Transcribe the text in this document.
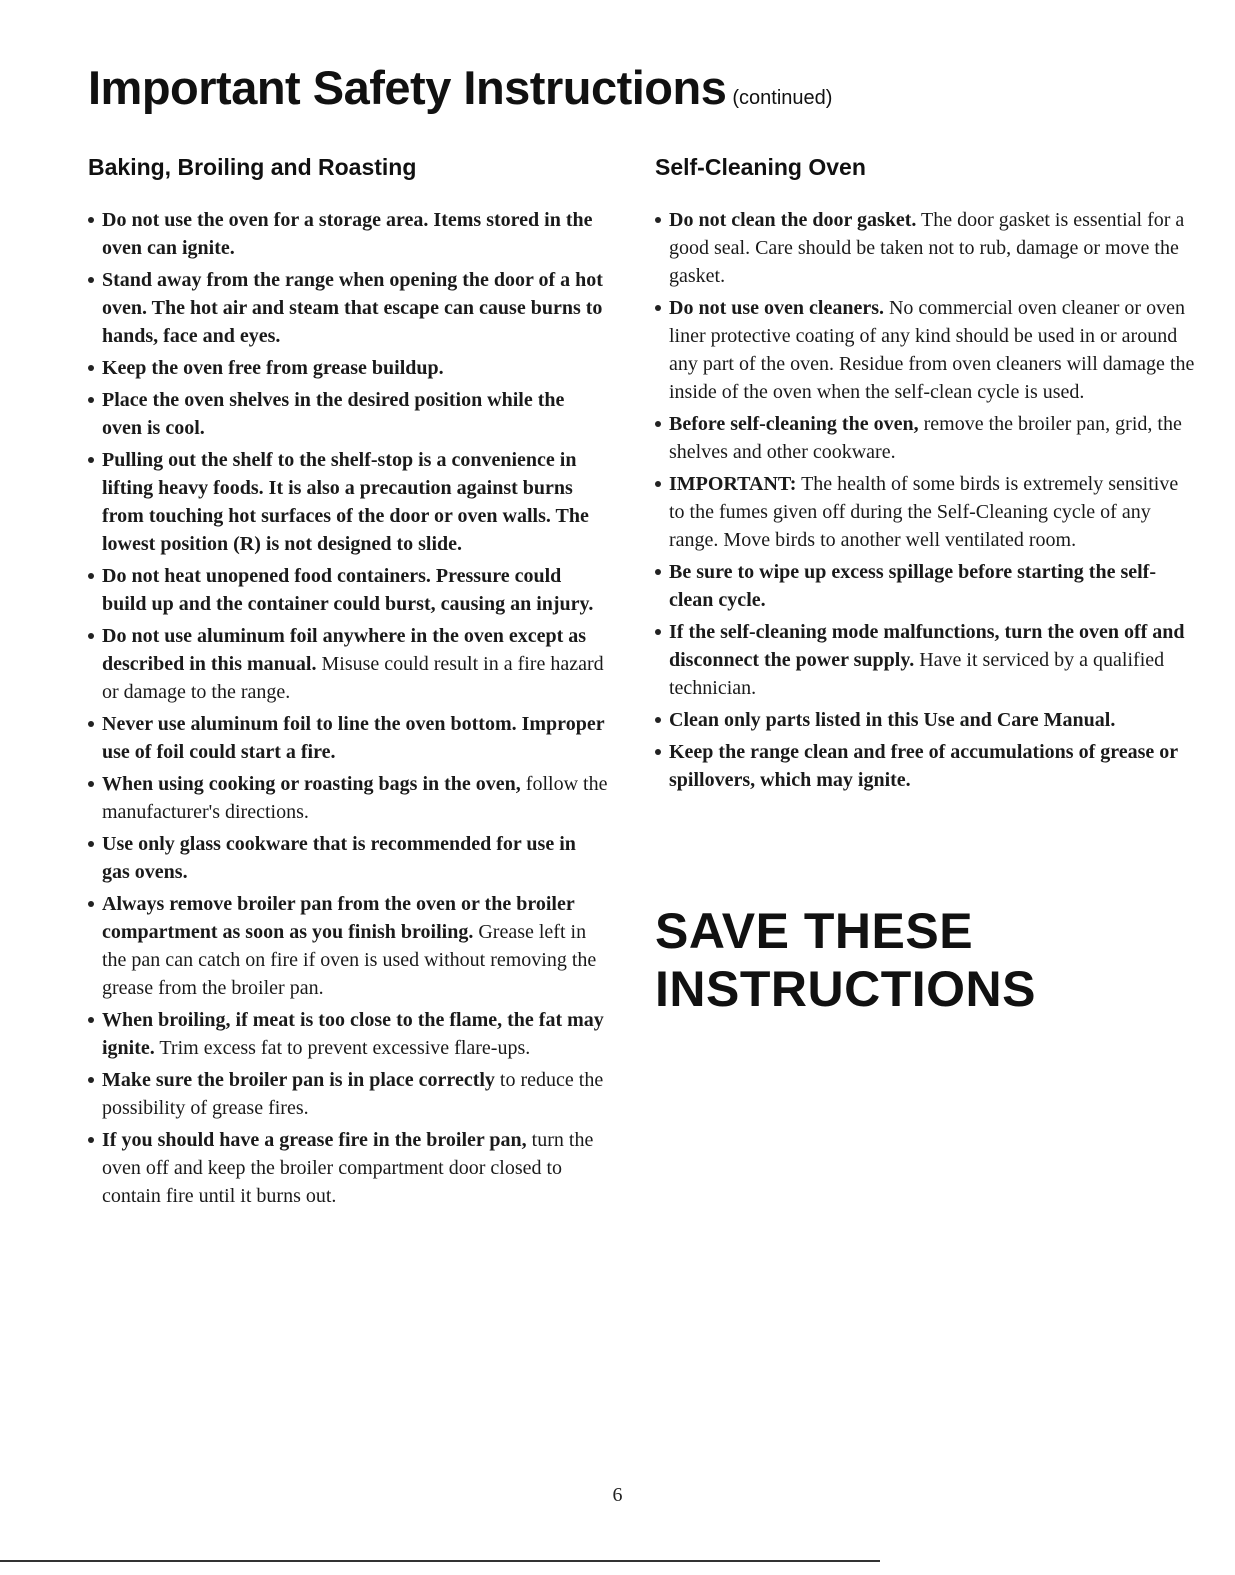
Important Safety Instructions (continued)
Baking, Broiling and Roasting
Do not use the oven for a storage area. Items stored in the oven can ignite.
Stand away from the range when opening the door of a hot oven. The hot air and steam that escape can cause burns to hands, face and eyes.
Keep the oven free from grease buildup.
Place the oven shelves in the desired position while the oven is cool.
Pulling out the shelf to the shelf-stop is a convenience in lifting heavy foods. It is also a precaution against burns from touching hot surfaces of the door or oven walls. The lowest position (R) is not designed to slide.
Do not heat unopened food containers. Pressure could build up and the container could burst, causing an injury.
Do not use aluminum foil anywhere in the oven except as described in this manual. Misuse could result in a fire hazard or damage to the range.
Never use aluminum foil to line the oven bottom. Improper use of foil could start a fire.
When using cooking or roasting bags in the oven, follow the manufacturer's directions.
Use only glass cookware that is recommended for use in gas ovens.
Always remove broiler pan from the oven or the broiler compartment as soon as you finish broiling. Grease left in the pan can catch on fire if oven is used without removing the grease from the broiler pan.
When broiling, if meat is too close to the flame, the fat may ignite. Trim excess fat to prevent excessive flare-ups.
Make sure the broiler pan is in place correctly to reduce the possibility of grease fires.
If you should have a grease fire in the broiler pan, turn the oven off and keep the broiler compartment door closed to contain fire until it burns out.
Self-Cleaning Oven
Do not clean the door gasket. The door gasket is essential for a good seal. Care should be taken not to rub, damage or move the gasket.
Do not use oven cleaners. No commercial oven cleaner or oven liner protective coating of any kind should be used in or around any part of the oven. Residue from oven cleaners will damage the inside of the oven when the self-clean cycle is used.
Before self-cleaning the oven, remove the broiler pan, grid, the shelves and other cookware.
IMPORTANT: The health of some birds is extremely sensitive to the fumes given off during the Self-Cleaning cycle of any range. Move birds to another well ventilated room.
Be sure to wipe up excess spillage before starting the self-clean cycle.
If the self-cleaning mode malfunctions, turn the oven off and disconnect the power supply. Have it serviced by a qualified technician.
Clean only parts listed in this Use and Care Manual.
Keep the range clean and free of accumulations of grease or spillovers, which may ignite.
SAVE THESE
INSTRUCTIONS
6
